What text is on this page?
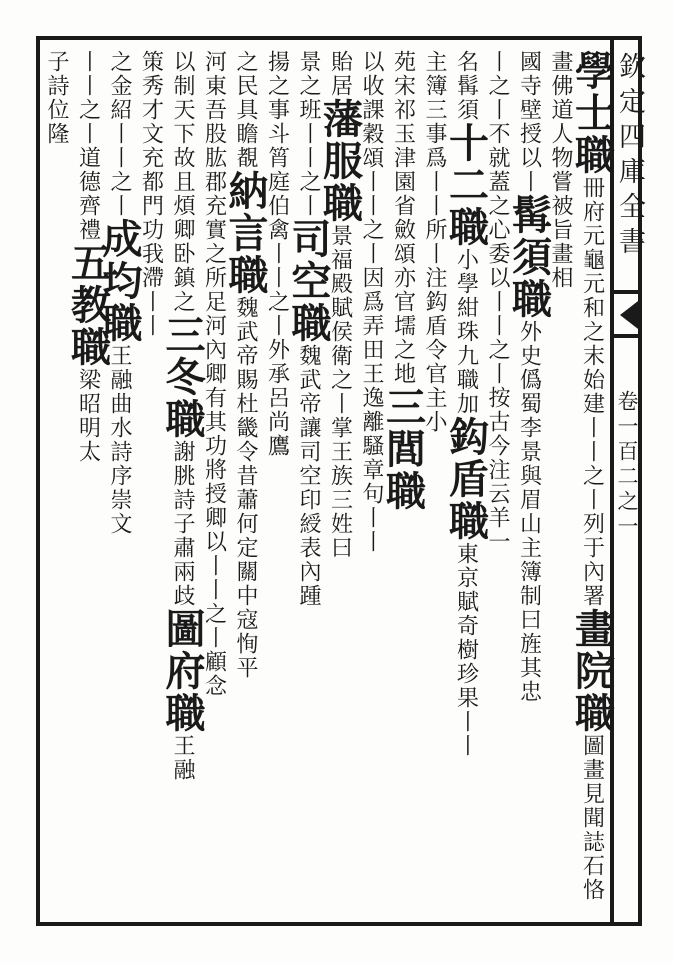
欽定四庫全書
卷一百二之一
學士職冊府元龜元和之末始建丨丨之丨列于內署畫院職圖畫見聞誌石恪
畫佛道人物嘗被旨畫相
國寺壁授以丨髯須職外史僞蜀李景與眉山主簿制曰旌其忠
丨之丨不就蓋之心委以丨丨之丨按古今注云羊一
名髯須十二職小學紺珠九職加鈎盾職東京賦奇樹珍果丨丨
主簿三事爲丨丨所丨注鈎盾令官主小
苑宋祁玉津園省斂頌亦官壖之地三閭職
以收課穀頌丨丨之丨因爲弄田王逸離騷章句丨丨
貽居藩服職景福殿賦侯衛之丨掌王族三姓曰
景之班丨丨之丨司空職魏武帝讓司空印綬表內踵
揚之事斗筲庭伯禽丨丨之丨外承呂尚鷹
之民具瞻覩納言職魏武帝賜杜畿令昔蕭何定關中寇恂平
河東吾股肱郡充實之所足河內卿有其功將授卿以丨丨之丨顧念
以制天下故且煩卿卧鎮之三冬職謝朓詩子肅兩歧圖府職王融
策秀才文充都門功我滯丨丨
之金紹丨丨之丨成均職王融曲水詩序崇文
丨丨之丨道德齊禮五教職梁昭明太
子詩位隆
